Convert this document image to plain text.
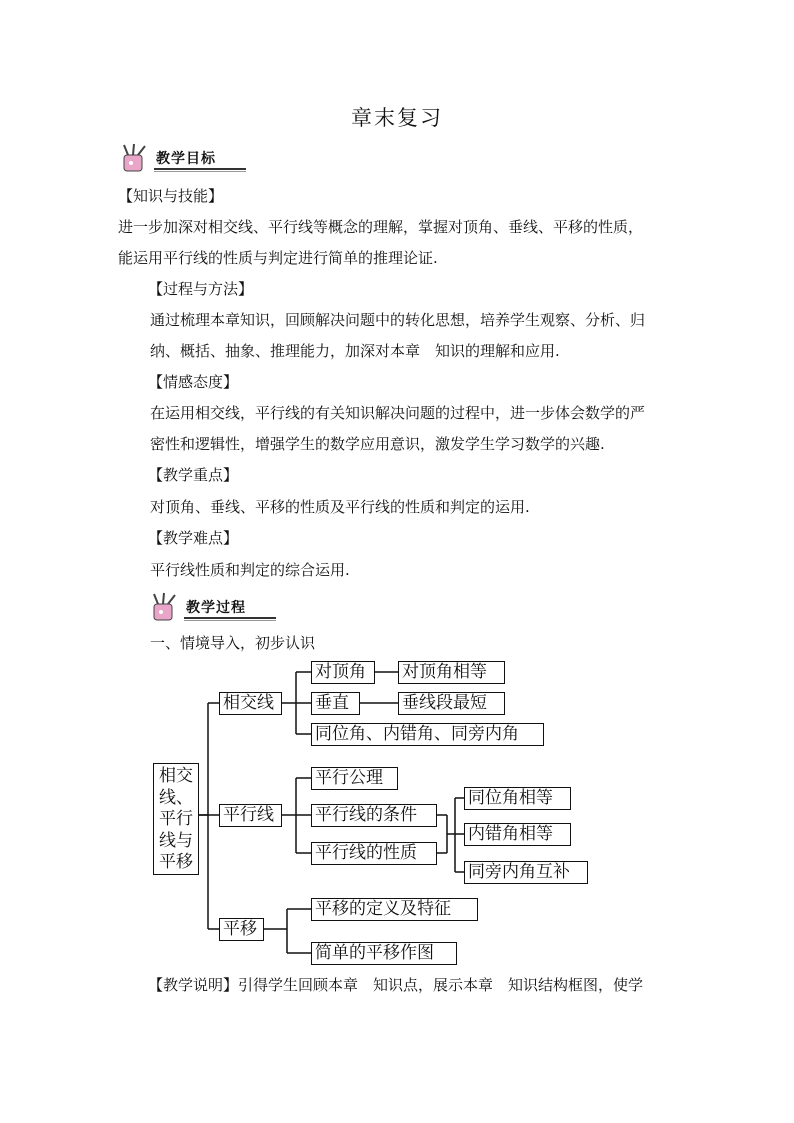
章末复习
教学目标
【知识与技能】
进一步加深对相交线、平行线等概念的理解，掌握对顶角、垂线、平移的性质，
能运用平行线的性质与判定进行简单的推理论证.
【过程与方法】
通过梳理本章知识，回顾解决问题中的转化思想，培养学生观察、分析、归
纳、概括、抽象、推理能力，加深对本章　知识的理解和应用.
【情感态度】
在运用相交线，平行线的有关知识解决问题的过程中，进一步体会数学的严
密性和逻辑性，增强学生的数学应用意识，激发学生学习数学的兴趣.
【教学重点】
对顶角、垂线、平移的性质及平行线的性质和判定的运用.
【教学难点】
平行线性质和判定的综合运用.
教学过程
一、情境导入，初步认识
相交
线、
平行
线与
平移
相交线
对顶角	对顶角相等
垂直	垂线段最短
同位角、内错角、同旁内角
平行线
平行公理
平行线的条件
平行线的性质
同位角相等
内错角相等
同旁内角互补
平移
平移的定义及特征
简单的平移作图
【教学说明】引得学生回顾本章　知识点，展示本章　知识结构框图，使学
